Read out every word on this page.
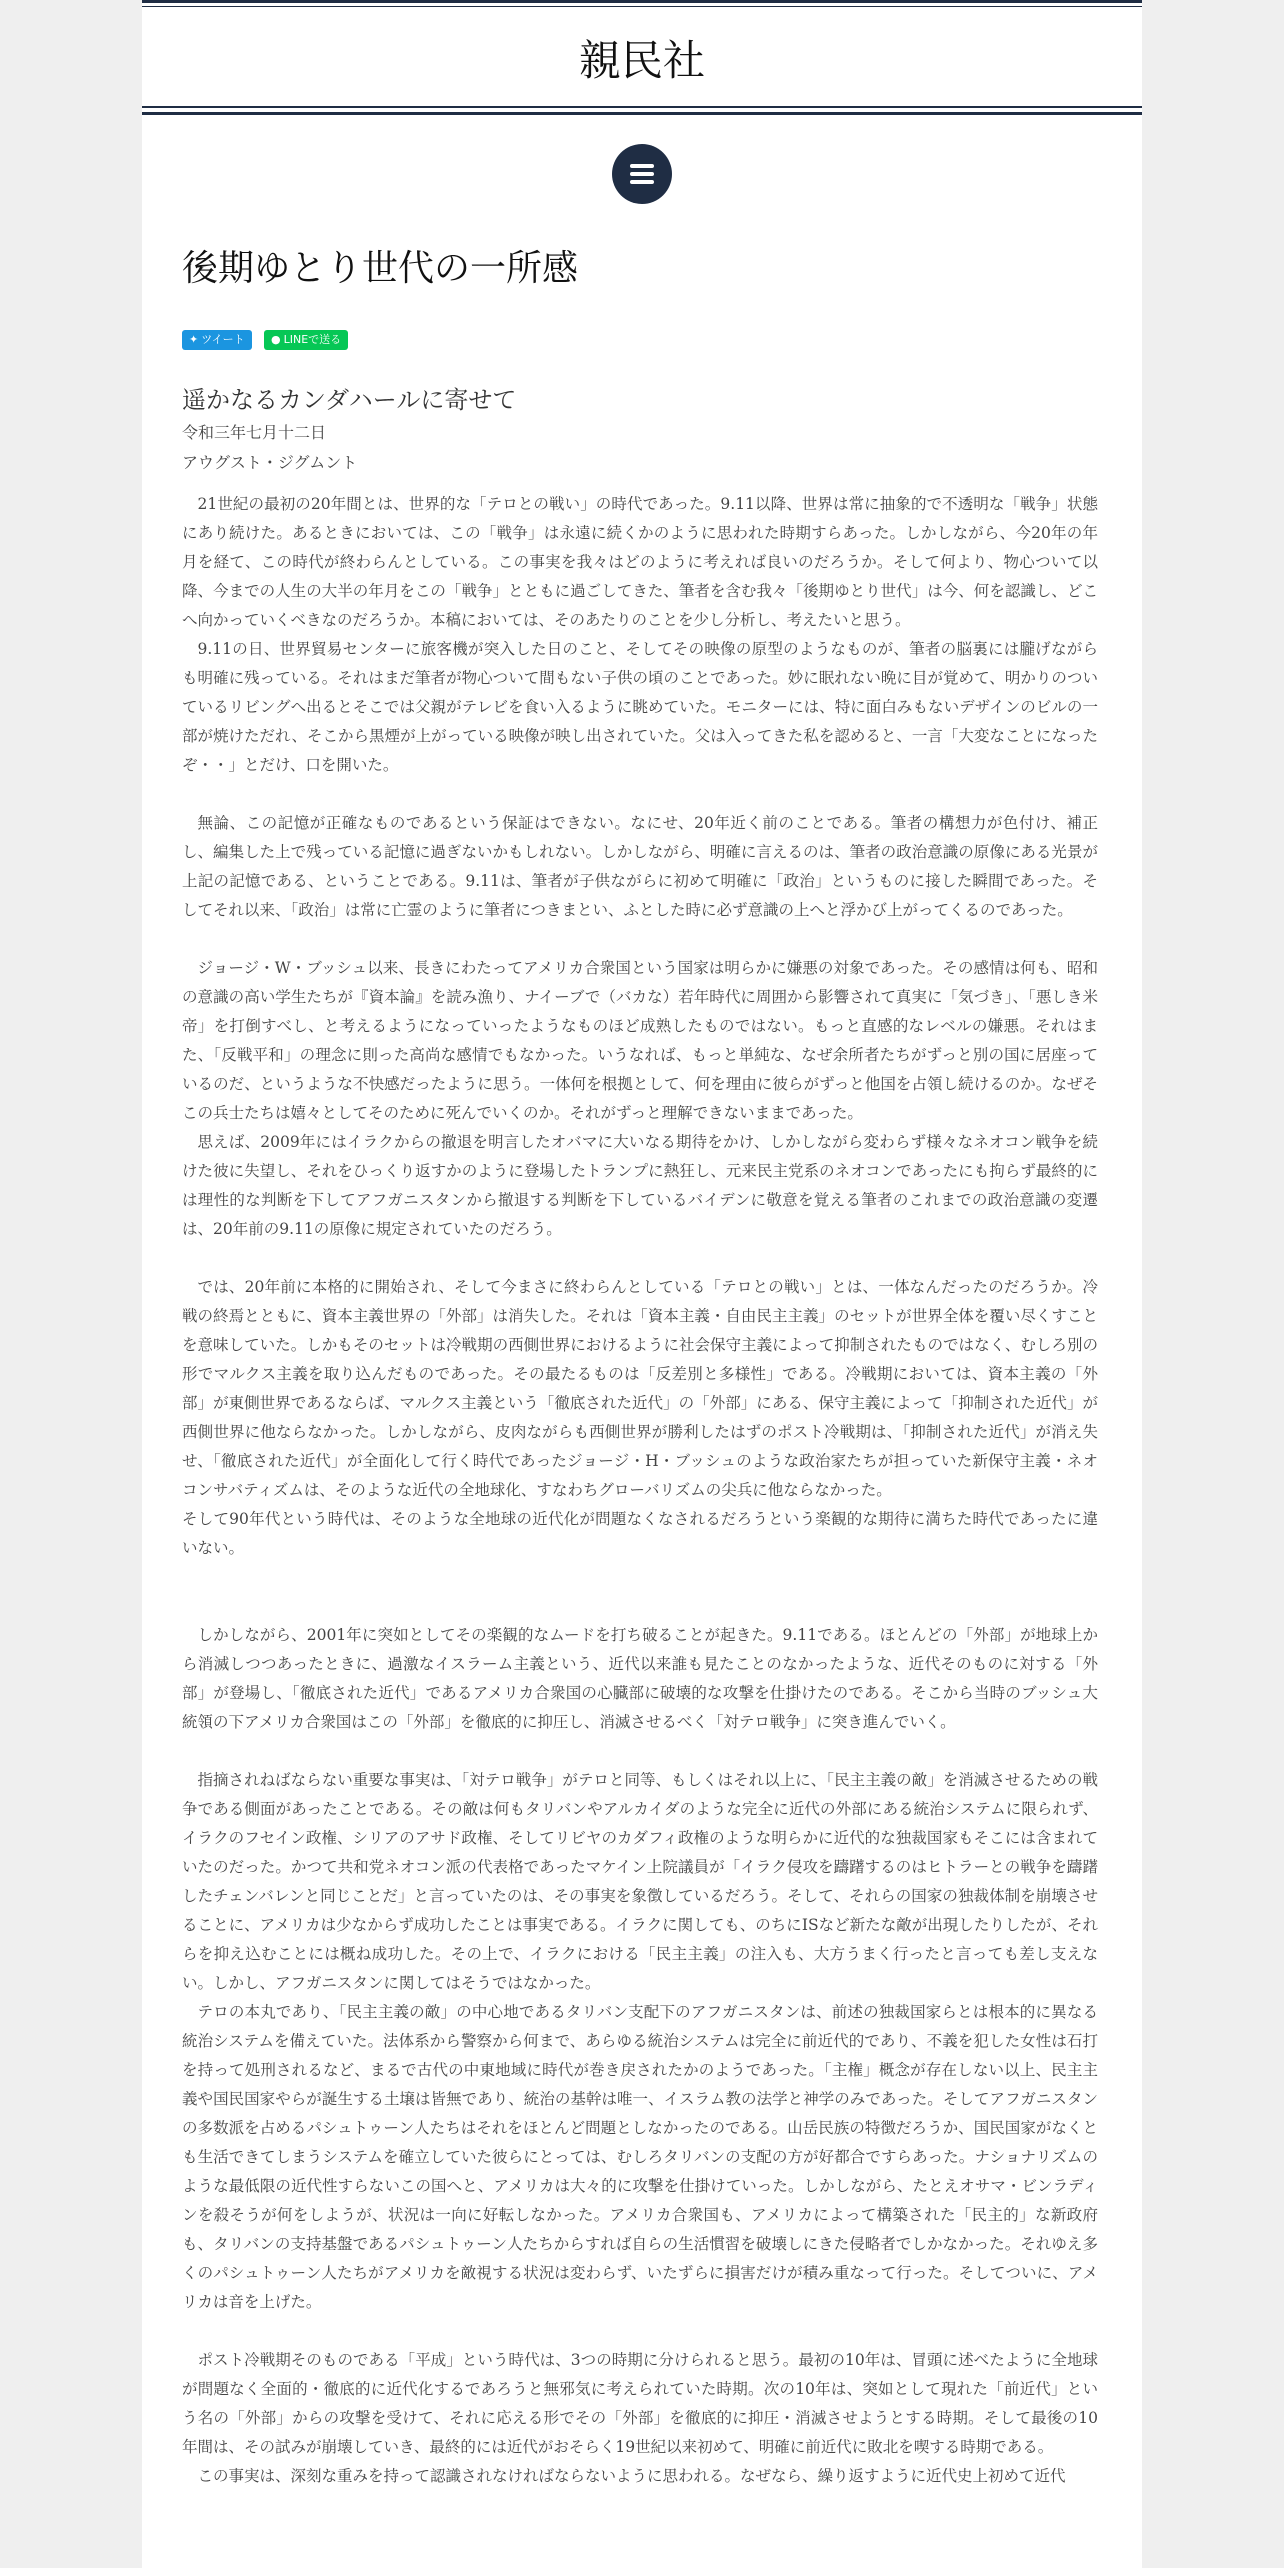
親民社
後期ゆとり世代の一所感
✦ ツイート	● LINEで送る
遥かなるカンダハールに寄せて
令和三年七月十二日
アウグスト・ジグムント

21世紀の最初の20年間とは、世界的な「テロとの戦い」の時代であった。9.11以降、世界は常に抽象的で不透明な「戦争」状態にあり続けた。あるときにおいては、この「戦争」は永遠に続くかのように思われた時期すらあった。しかしながら、今20年の年月を経て、この時代が終わらんとしている。この事実を我々はどのように考えれば良いのだろうか。そして何より、物心ついて以降、今までの人生の大半の年月をこの「戦争」とともに過ごしてきた、筆者を含む我々「後期ゆとり世代」は今、何を認識し、どこへ向かっていくべきなのだろうか。本稿においては、そのあたりのことを少し分析し、考えたいと思う。

9.11の日、世界貿易センターに旅客機が突入した日のこと、そしてその映像の原型のようなものが、筆者の脳裏には朧げながらも明確に残っている。それはまだ筆者が物心ついて間もない子供の頃のことであった。妙に眠れない晩に目が覚めて、明かりのついているリビングへ出るとそこでは父親がテレビを食い入るように眺めていた。モニターには、特に面白みもないデザインのビルの一部が焼けただれ、そこから黒煙が上がっている映像が映し出されていた。父は入ってきた私を認めると、一言「大変なことになったぞ・・」とだけ、口を開いた。

無論、この記憶が正確なものであるという保証はできない。なにせ、20年近く前のことである。筆者の構想力が色付け、補正し、編集した上で残っている記憶に過ぎないかもしれない。しかしながら、明確に言えるのは、筆者の政治意識の原像にある光景が上記の記憶である、ということである。9.11は、筆者が子供ながらに初めて明確に「政治」というものに接した瞬間であった。そしてそれ以来、「政治」は常に亡霊のように筆者につきまとい、ふとした時に必ず意識の上へと浮かび上がってくるのであった。

ジョージ・W・ブッシュ以来、長きにわたってアメリカ合衆国という国家は明らかに嫌悪の対象であった。その感情は何も、昭和の意識の高い学生たちが『資本論』を読み漁り、ナイーブで（バカな）若年時代に周囲から影響されて真実に「気づき」、「悪しき米帝」を打倒すべし、と考えるようになっていったようなものほど成熟したものではない。もっと直感的なレベルの嫌悪。それはまた、「反戦平和」の理念に則った高尚な感情でもなかった。いうなれば、もっと単純な、なぜ余所者たちがずっと別の国に居座っているのだ、というような不快感だったように思う。一体何を根拠として、何を理由に彼らがずっと他国を占領し続けるのか。なぜそこの兵士たちは嬉々としてそのために死んでいくのか。それがずっと理解できないままであった。

思えば、2009年にはイラクからの撤退を明言したオバマに大いなる期待をかけ、しかしながら変わらず様々なネオコン戦争を続けた彼に失望し、それをひっくり返すかのように登場したトランプに熱狂し、元来民主党系のネオコンであったにも拘らず最終的には理性的な判断を下してアフガニスタンから撤退する判断を下しているバイデンに敬意を覚える筆者のこれまでの政治意識の変遷は、20年前の9.11の原像に規定されていたのだろう。

では、20年前に本格的に開始され、そして今まさに終わらんとしている「テロとの戦い」とは、一体なんだったのだろうか。冷戦の終焉とともに、資本主義世界の「外部」は消失した。それは「資本主義・自由民主主義」のセットが世界全体を覆い尽くすことを意味していた。しかもそのセットは冷戦期の西側世界におけるように社会保守主義によって抑制されたものではなく、むしろ別の形でマルクス主義を取り込んだものであった。その最たるものは「反差別と多様性」である。冷戦期においては、資本主義の「外部」が東側世界であるならば、マルクス主義という「徹底された近代」の「外部」にある、保守主義によって「抑制された近代」が西側世界に他ならなかった。しかしながら、皮肉ながらも西側世界が勝利したはずのポスト冷戦期は、「抑制された近代」が消え失せ、「徹底された近代」が全面化して行く時代であったジョージ・H・ブッシュのような政治家たちが担っていた新保守主義・ネオコンサバティズムは、そのような近代の全地球化、すなわちグローバリズムの尖兵に他ならなかった。

そして90年代という時代は、そのような全地球の近代化が問題なくなされるだろうという楽観的な期待に満ちた時代であったに違いない。

しかしながら、2001年に突如としてその楽観的なムードを打ち破ることが起きた。9.11である。ほとんどの「外部」が地球上から消滅しつつあったときに、過激なイスラーム主義という、近代以来誰も見たことのなかったような、近代そのものに対する「外部」が登場し、「徹底された近代」であるアメリカ合衆国の心臓部に破壊的な攻撃を仕掛けたのである。そこから当時のブッシュ大統領の下アメリカ合衆国はこの「外部」を徹底的に抑圧し、消滅させるべく「対テロ戦争」に突き進んでいく。

指摘されねばならない重要な事実は、「対テロ戦争」がテロと同等、もしくはそれ以上に、「民主主義の敵」を消滅させるための戦争である側面があったことである。その敵は何もタリバンやアルカイダのような完全に近代の外部にある統治システムに限られず、イラクのフセイン政権、シリアのアサド政権、そしてリビヤのカダフィ政権のような明らかに近代的な独裁国家もそこには含まれていたのだった。かつて共和党ネオコン派の代表格であったマケイン上院議員が「イラク侵攻を躊躇するのはヒトラーとの戦争を躊躇したチェンバレンと同じことだ」と言っていたのは、その事実を象徴しているだろう。そして、それらの国家の独裁体制を崩壊させることに、アメリカは少なからず成功したことは事実である。イラクに関しても、のちにISなど新たな敵が出現したりしたが、それらを抑え込むことには概ね成功した。その上で、イラクにおける「民主主義」の注入も、大方うまく行ったと言っても差し支えない。しかし、アフガニスタンに関してはそうではなかった。

テロの本丸であり、「民主主義の敵」の中心地であるタリバン支配下のアフガニスタンは、前述の独裁国家らとは根本的に異なる統治システムを備えていた。法体系から警察から何まで、あらゆる統治システムは完全に前近代的であり、不義を犯した女性は石打を持って処刑されるなど、まるで古代の中東地域に時代が巻き戻されたかのようであった。「主権」概念が存在しない以上、民主主義や国民国家やらが誕生する土壌は皆無であり、統治の基幹は唯一、イスラム教の法学と神学のみであった。そしてアフガニスタンの多数派を占めるパシュトゥーン人たちはそれをほとんど問題としなかったのである。山岳民族の特徴だろうか、国民国家がなくとも生活できてしまうシステムを確立していた彼らにとっては、むしろタリバンの支配の方が好都合ですらあった。ナショナリズムのような最低限の近代性すらないこの国へと、アメリカは大々的に攻撃を仕掛けていった。しかしながら、たとえオサマ・ビンラディンを殺そうが何をしようが、状況は一向に好転しなかった。アメリカ合衆国も、アメリカによって構築された「民主的」な新政府も、タリバンの支持基盤であるパシュトゥーン人たちからすれば自らの生活慣習を破壊しにきた侵略者でしかなかった。それゆえ多くのパシュトゥーン人たちがアメリカを敵視する状況は変わらず、いたずらに損害だけが積み重なって行った。そしてついに、アメリカは音を上げた。

ポスト冷戦期そのものである「平成」という時代は、3つの時期に分けられると思う。最初の10年は、冒頭に述べたように全地球が問題なく全面的・徹底的に近代化するであろうと無邪気に考えられていた時期。次の10年は、突如として現れた「前近代」という名の「外部」からの攻撃を受けて、それに応える形でその「外部」を徹底的に抑圧・消滅させようとする時期。そして最後の10年間は、その試みが崩壊していき、最終的には近代がおそらく19世紀以来初めて、明確に前近代に敗北を喫する時期である。

この事実は、深刻な重みを持って認識されなければならないように思われる。なぜなら、繰り返すように近代史上初めて近代
